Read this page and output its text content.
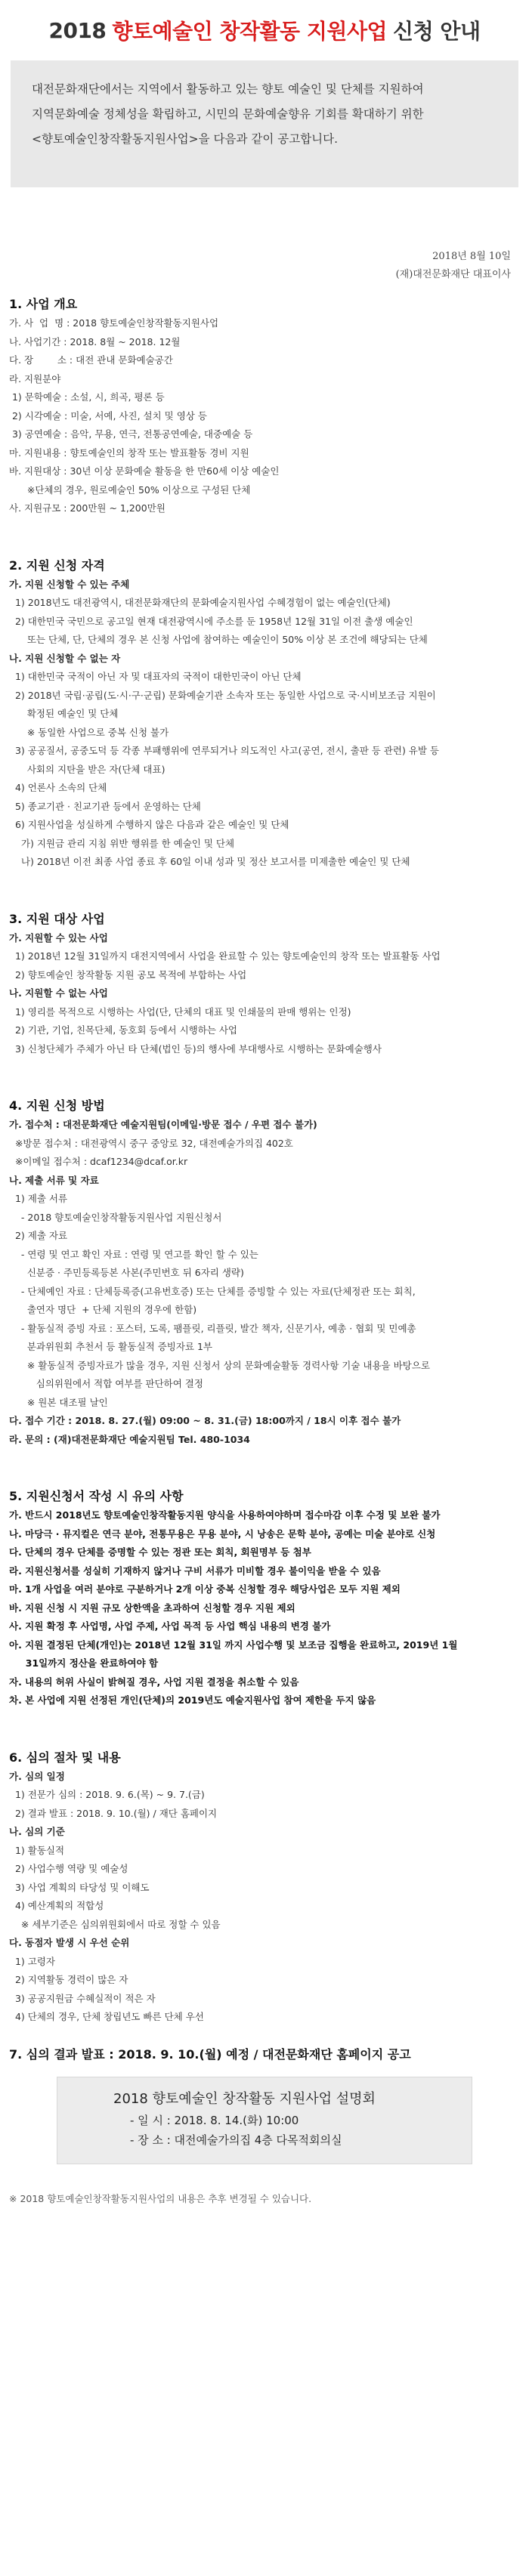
2018 향토예술인 창작활동 지원사업 신청 안내

대전문화재단에서는 지역에서 활동하고 있는 향토 예술인 및 단체를 지원하여

지역문화예술 정체성을 확립하고, 시민의 문화예술향유 기회를 확대하기 위한

<향토예술인창작활동지원사업>을 다음과 같이 공고합니다.

2018년 8월 10일
(재)대전문화재단 대표이사
1. 사업 개요
가. 사  업  명 : 2018 향토예술인창작활동지원사업
나. 사업기간 : 2018. 8월 ~ 2018. 12월
다. 장        소 : 대전 관내 문화예술공간
라. 지원분야
1) 문학예술 : 소설, 시, 희곡, 평론 등
2) 시각예술 : 미술, 서예, 사진, 설치 및 영상 등
3) 공연예술 : 음악, 무용, 연극, 전통공연예술, 대중예술 등
마. 지원내용 : 향토예술인의 창작 또는 발표활동 경비 지원
바. 지원대상 : 30년 이상 문화예술 활동을 한 만60세 이상 예술인
※단체의 경우, 원로예술인 50% 이상으로 구성된 단체
사. 지원규모 : 200만원 ~ 1,200만원
2. 지원 신청 자격
가. 지원 신청할 수 있는 주체
1) 2018년도 대전광역시, 대전문화재단의 문화예술지원사업 수혜경험이 없는 예술인(단체)
2) 대한민국 국민으로 공고일 현재 대전광역시에 주소를 둔 1958년 12월 31일 이전 출생 예술인
또는 단체, 단, 단체의 경우 본 신청 사업에 참여하는 예술인이 50% 이상 본 조건에 해당되는 단체
나. 지원 신청할 수 없는 자
1) 대한민국 국적이 아닌 자 및 대표자의 국적이 대한민국이 아닌 단체
2) 2018년 국립·공립(도·시·구·군립) 문화예술기관 소속자 또는 동일한 사업으로 국·시비보조금 지원이
확정된 예술인 및 단체
※ 동일한 사업으로 중복 신청 불가
3) 공공질서, 공중도덕 등 각종 부패행위에 연루되거나 의도적인 사고(공연, 전시, 출판 등 관련) 유발 등
사회의 지탄을 받은 자(단체 대표)
4) 언론사 소속의 단체
5) 종교기관 · 친교기관 등에서 운영하는 단체
6) 지원사업을 성실하게 수행하지 않은 다음과 같은 예술인 및 단체
가) 지원금 관리 지침 위반 행위를 한 예술인 및 단체
나) 2018년 이전 최종 사업 종료 후 60일 이내 성과 및 정산 보고서를 미제출한 예술인 및 단체
3. 지원 대상 사업
가. 지원할 수 있는 사업
1) 2018년 12월 31일까지 대전지역에서 사업을 완료할 수 있는 향토예술인의 창작 또는 발표활동 사업
2) 향토예술인 창작활동 지원 공모 목적에 부합하는 사업
나. 지원할 수 없는 사업
1) 영리를 목적으로 시행하는 사업(단, 단체의 대표 및 인쇄물의 판매 행위는 인정)
2) 기관, 기업, 친목단체, 동호회 등에서 시행하는 사업
3) 신청단체가 주체가 아닌 타 단체(법인 등)의 행사에 부대행사로 시행하는 문화예술행사
4. 지원 신청 방법
가. 접수처 : 대전문화재단 예술지원팀(이메일·방문 접수 / 우편 접수 불가)
※방문 접수처 : 대전광역시 중구 중앙로 32, 대전예술가의집 402호
※이메일 접수처 : dcaf1234@dcaf.or.kr
나. 제출 서류 및 자료
1) 제출 서류
- 2018 향토예술인창작활동지원사업 지원신청서
2) 제출 자료
- 연령 및 연고 확인 자료 : 연령 및 연고를 확인 할 수 있는
신분증 · 주민등록등본 사본(주민번호 뒤 6자리 생략)
- 단체예인 자료 : 단체등록증(고유번호증) 또는 단체를 증빙할 수 있는 자료(단체정관 또는 회칙,
출연자 명단  + 단체 지원의 경우에 한함)
- 활동실적 증빙 자료 : 포스터, 도록, 팸플릿, 리플릿, 발간 책자, 신문기사, 예총 · 협회 및 민예총
분과위원회 추천서 등 활동실적 증빙자료 1부
※ 활동실적 증빙자료가 많을 경우, 지원 신청서 상의 문화예술활동 경력사항 기술 내용을 바탕으로
심의위원에서 적합 여부를 판단하여 결정
※ 원본 대조필 날인
다. 접수 기간 : 2018. 8. 27.(월) 09:00 ~ 8. 31.(금) 18:00까지 / 18시 이후 접수 불가
라. 문의 : (재)대전문화재단 예술지원팀 Tel. 480-1034
5. 지원신청서 작성 시 유의 사항
가. 반드시 2018년도 향토예술인창작활동지원 양식을 사용하여야하며 접수마감 이후 수정 및 보완 불가
나. 마당극 · 뮤지컬은 연극 분야, 전통무용은 무용 분야, 시 낭송은 문학 분야, 공예는 미술 분야로 신청
다. 단체의 경우 단체를 증명할 수 있는 정관 또는 회칙, 회원명부 등 첨부
라. 지원신청서를 성실히 기재하지 않거나 구비 서류가 미비할 경우 불이익을 받을 수 있음
마. 1개 사업을 여러 분야로 구분하거나 2개 이상 중복 신청할 경우 해당사업은 모두 지원 제외
바. 지원 신청 시 지원 규모 상한액을 초과하여 신청할 경우 지원 제외
사. 지원 확정 후 사업명, 사업 주제, 사업 목적 등 사업 핵심 내용의 변경 불가
아. 지원 결정된 단체(개인)는 2018년 12월 31일 까지 사업수행 및 보조금 집행을 완료하고, 2019년 1월
31일까지 정산을 완료하여야 함
자. 내용의 허위 사실이 밝혀질 경우, 사업 지원 결정을 취소할 수 있음
차. 본 사업에 지원 선정된 개인(단체)의 2019년도 예술지원사업 참여 제한을 두지 않음
6. 심의 절차 및 내용
가. 심의 일정
1) 전문가 심의 : 2018. 9. 6.(목) ~ 9. 7.(금)
2) 결과 발표 : 2018. 9. 10.(월) / 재단 홈페이지
나. 심의 기준
1) 활동실적
2) 사업수행 역량 및 예술성
3) 사업 계획의 타당성 및 이해도
4) 예산계획의 적합성
※ 세부기준은 심의위원회에서 따로 정할 수 있음
다. 동점자 발생 시 우선 순위
1) 고령자
2) 지역활동 경력이 많은 자
3) 공공지원금 수혜실적이 적은 자
4) 단체의 경우, 단체 창립년도 빠른 단체 우선
7. 심의 결과 발표 : 2018. 9. 10.(월) 예정 / 대전문화재단 홈페이지 공고
2018 향토예술인 창작활동 지원사업 설명회
- 일 시 : 2018. 8. 14.(화) 10:00
- 장 소 : 대전예술가의집 4층 다목적회의실
※ 2018 향토예술인창작활동지원사업의 내용은 추후 변경될 수 있습니다.
